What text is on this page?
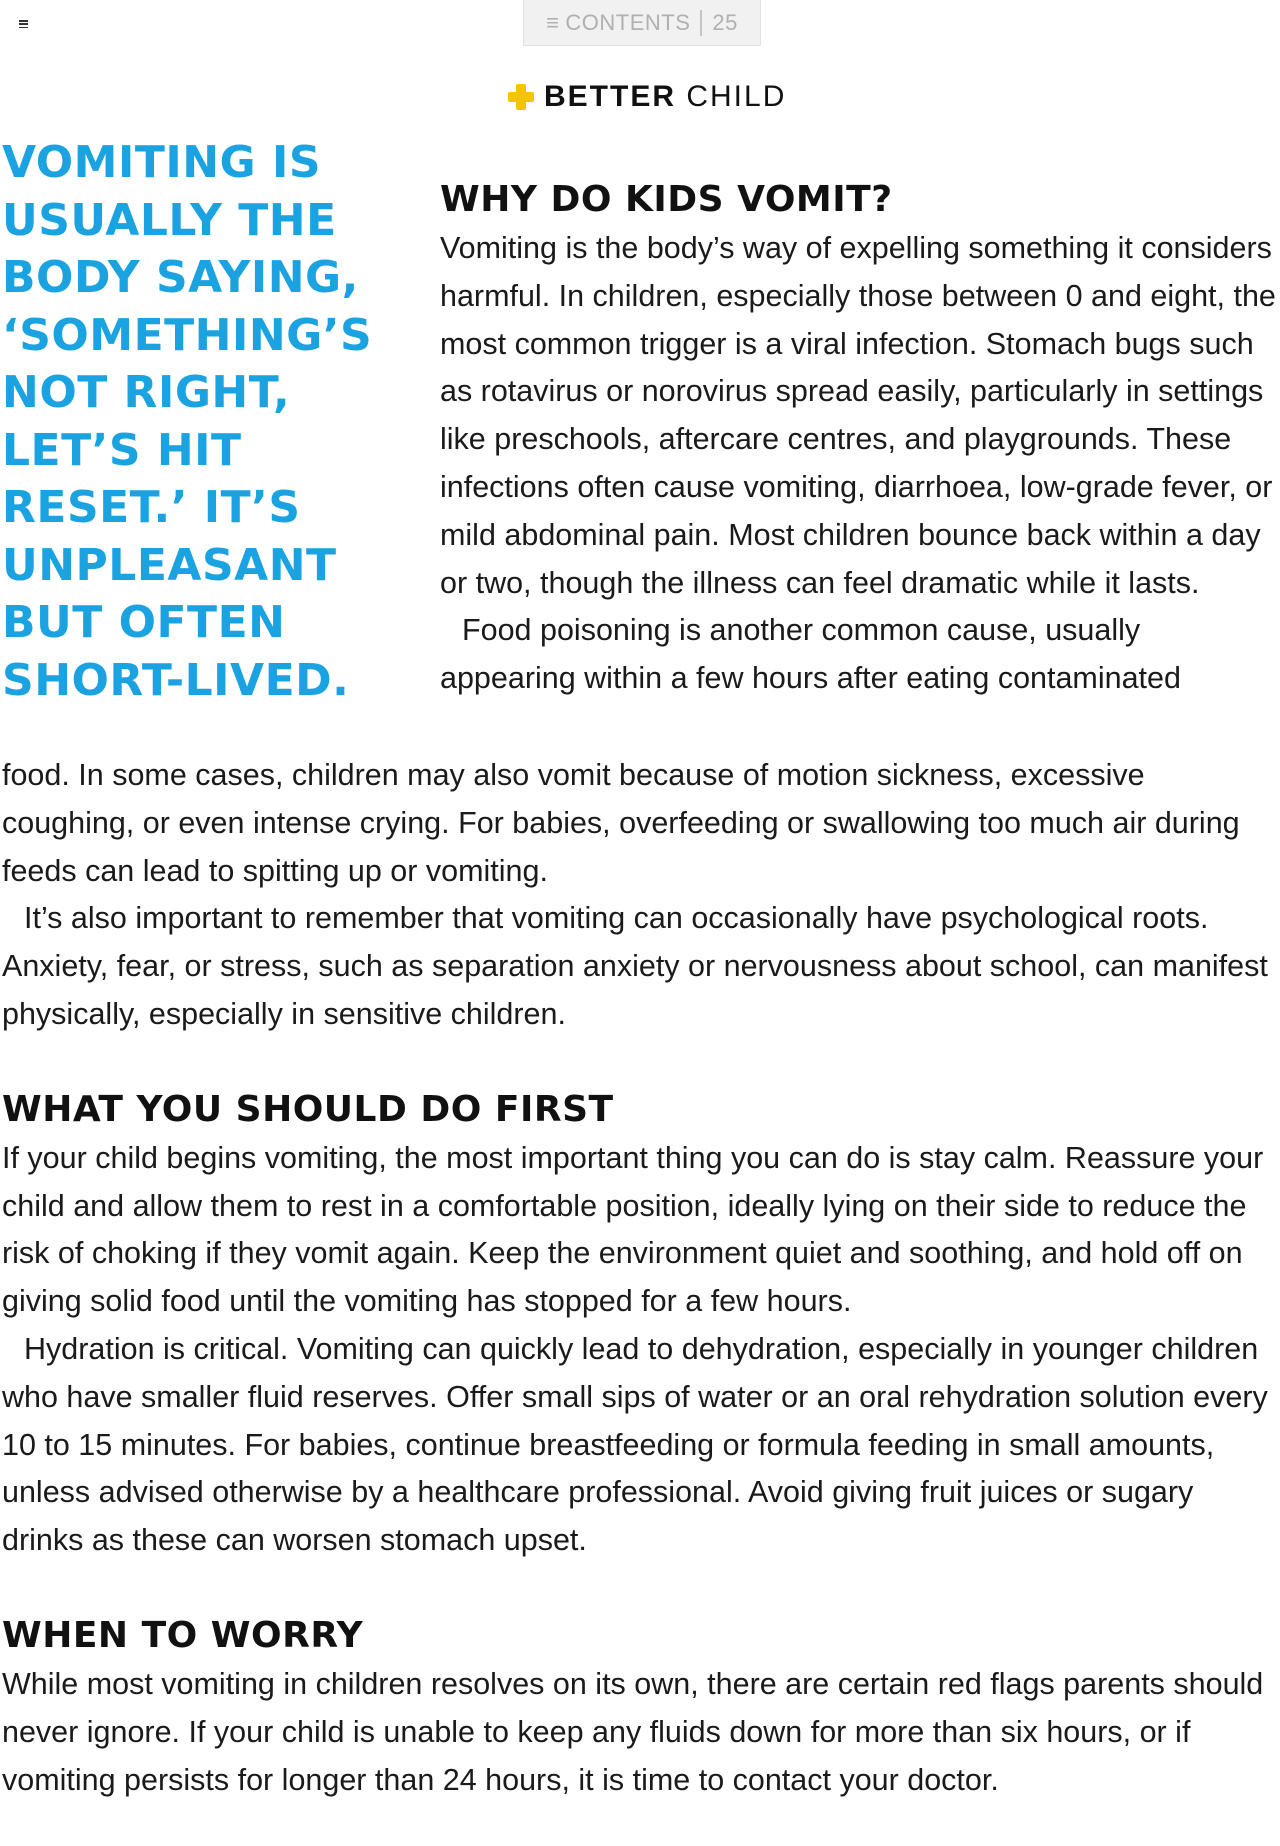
≡ CONTENTS 25
BETTER CHILD

VOMITING IS USUALLY THE BODY SAYING, ‘SOMETHING’S NOT RIGHT, LET’S HIT RESET.’ IT’S UNPLEASANT BUT OFTEN SHORT-LIVED.

WHY DO KIDS VOMIT?

Vomiting is the body’s way of expelling something it considers harmful. In children, especially those between 0 and eight, the most common trigger is a viral infection. Stomach bugs such as rotavirus or norovirus spread easily, particularly in settings like preschools, aftercare centres, and playgrounds. These infections often cause vomiting, diarrhoea, low-grade fever, or mild abdominal pain. Most children bounce back within a day or two, though the illness can feel dramatic while it lasts.

Food poisoning is another common cause, usually appearing within a few hours after eating contaminated

food. In some cases, children may also vomit because of motion sickness, excessive coughing, or even intense crying. For babies, overfeeding or swallowing too much air during feeds can lead to spitting up or vomiting.

It’s also important to remember that vomiting can occasionally have psychological roots. Anxiety, fear, or stress, such as separation anxiety or nervousness about school, can manifest physically, especially in sensitive children.

WHAT YOU SHOULD DO FIRST

If your child begins vomiting, the most important thing you can do is stay calm. Reassure your child and allow them to rest in a comfortable position, ideally lying on their side to reduce the risk of choking if they vomit again. Keep the environment quiet and soothing, and hold off on giving solid food until the vomiting has stopped for a few hours.

Hydration is critical. Vomiting can quickly lead to dehydration, especially in younger children who have smaller fluid reserves. Offer small sips of water or an oral rehydration solution every 10 to 15 minutes. For babies, continue breastfeeding or formula feeding in small amounts, unless advised otherwise by a healthcare professional. Avoid giving fruit juices or sugary drinks as these can worsen stomach upset.

WHEN TO WORRY

While most vomiting in children resolves on its own, there are certain red flags parents should never ignore. If your child is unable to keep any fluids down for more than six hours, or if vomiting persists for longer than 24 hours, it is time to contact your doctor.
